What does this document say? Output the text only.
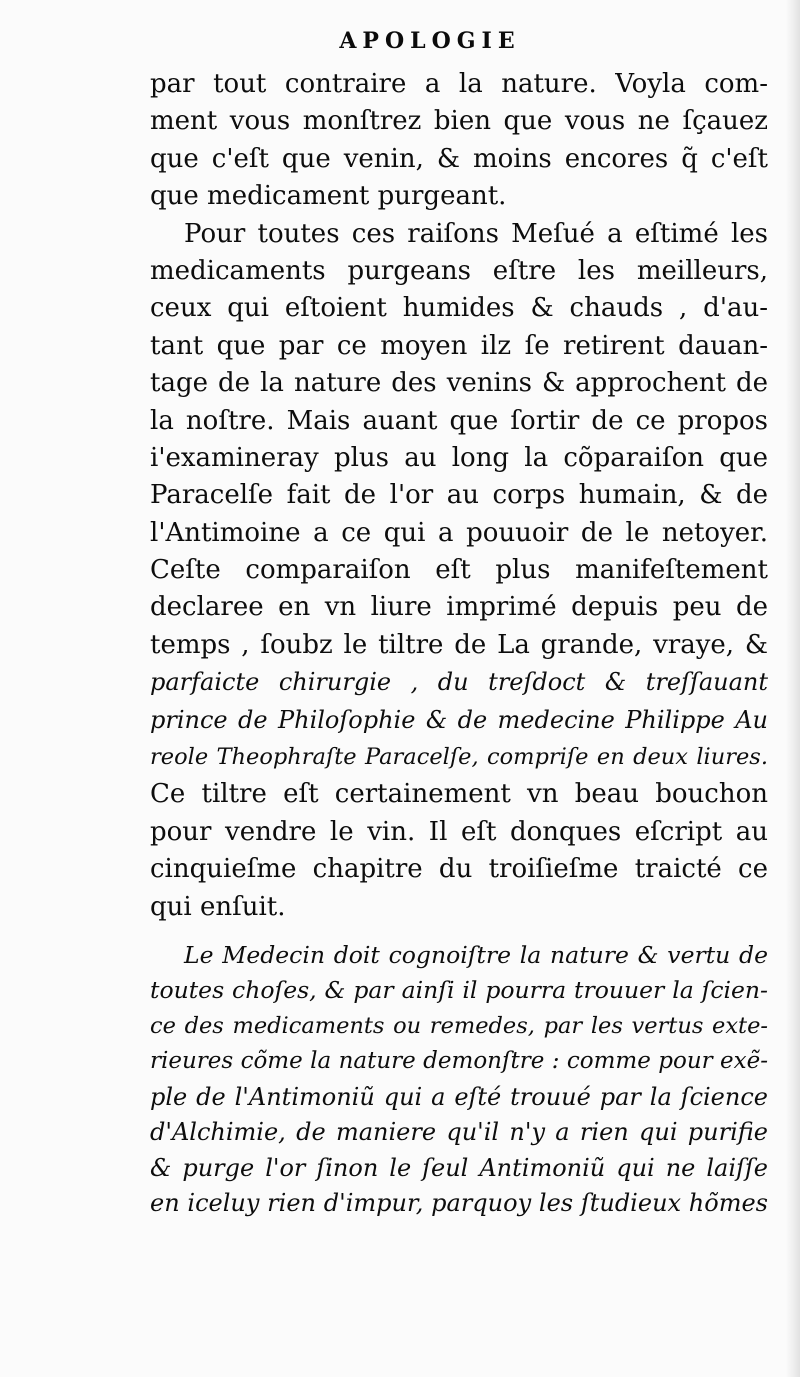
APOLOGIE
par tout contraire a la nature. Voyla com-
ment vous monſtrez bien que vous ne ſçauez
que c'eſt que venin, & moins encores q̃ c'eſt
que medicament purgeant.
Pour toutes ces raiſons Meſué a eſtimé les
medicaments purgeans eſtre les meilleurs,
ceux qui eſtoient humides & chauds , d'au-
tant que par ce moyen ilz ſe retirent dauan-
tage de la nature des venins & approchent de
la noſtre. Mais auant que ſortir de ce propos
i'examineray plus au long la cõparaiſon que
Paracelſe fait de l'or au corps humain, & de
l'Antimoine a ce qui a pouuoir de le netoyer.
Ceſte comparaiſon eſt plus manifeſtement
declaree en vn liure imprimé depuis peu de
temps , ſoubz le tiltre de La grande, vraye, &
parfaicte chirurgie , du treſdoct & treſſauant
prince de Philoſophie & de medecine Philippe Au
reole Theophraſte Paracelſe, compriſe en deux liures.
Ce tiltre eſt certainement vn beau bouchon
pour vendre le vin. Il eſt donques eſcript au
cinquieſme chapitre du troiſieſme traicté ce
qui enſuit.
Le Medecin doit cognoiſtre la nature & vertu de
toutes choſes, & par ainſi il pourra trouuer la ſcien-
ce des medicaments ou remedes, par les vertus exte-
rieures cõme la nature demonſtre : comme pour exẽ-
ple de l'Antimoniũ qui a eſté trouué par la ſcience
d'Alchimie, de maniere qu'il n'y a rien qui purifie
& purge l'or ſinon le ſeul Antimoniũ qui ne laiſſe
en iceluy rien d'impur, parquoy les ſtudieux hõmes
